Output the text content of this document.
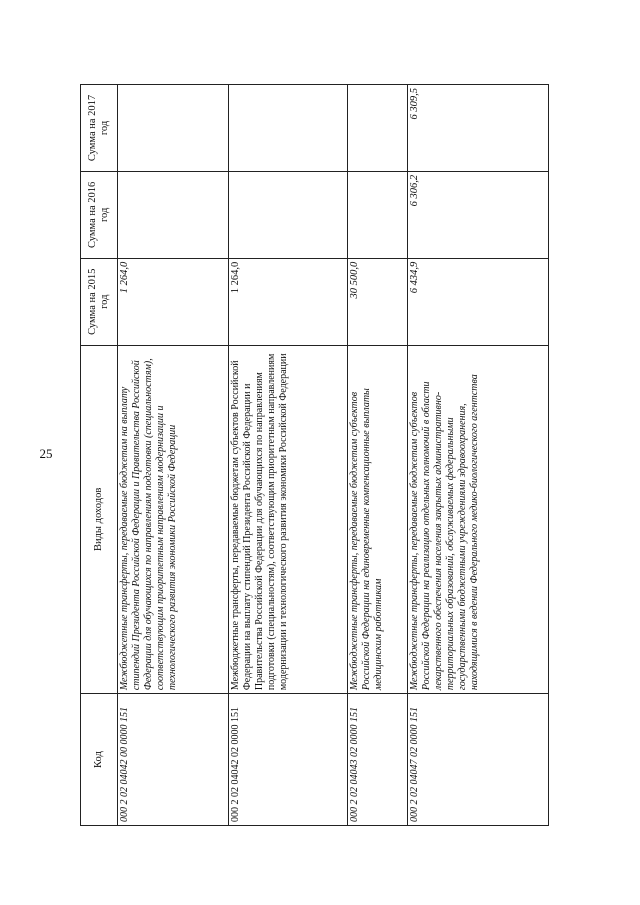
25
Код	Виды доходов	Сумма на 2015 год	Сумма на 2016 год	Сумма на 2017 год
000 2 02 04042 00 0000 151	Межбюджетные трансферты, передаваемые бюджетам на выплату стипендий Президента Российской Федерации и Правительства Российской Федерации для обучающихся по направлениям подготовки (специальностям), соответствующим приоритетным направлениям модернизации и технологического развития экономики Российской Федерации	1 264,0		
000 2 02 04042 02 0000 151	Межбюджетные трансферты, передаваемые бюджетам субъектов Российской Федерации на выплату стипендий Президента Российской Федерации и Правительства Российской Федерации для обучающихся по направлениям подготовки (специальностям), соответствующим приоритетным направлениям модернизации и технологического развития экономики Российской Федерации	1 264,0		
000 2 02 04043 02 0000 151	Межбюджетные трансферты, передаваемые бюджетам субъектов Российской Федерации на единовременные компенсационные выплаты медицинским работникам	30 500,0		
000 2 02 04047 02 0000 151	Межбюджетные трансферты, передаваемые бюджетам субъектов Российской Федерации на реализацию отдельных полномочий в области лекарственного обеспечения населения закрытых административно-территориальных образований, обслуживаемых федеральными государственными бюджетными учреждениями здравоохранения, находящимися в ведении Федерального медико-биологического агентства	6 434,9	6 306,2	6 309,5
